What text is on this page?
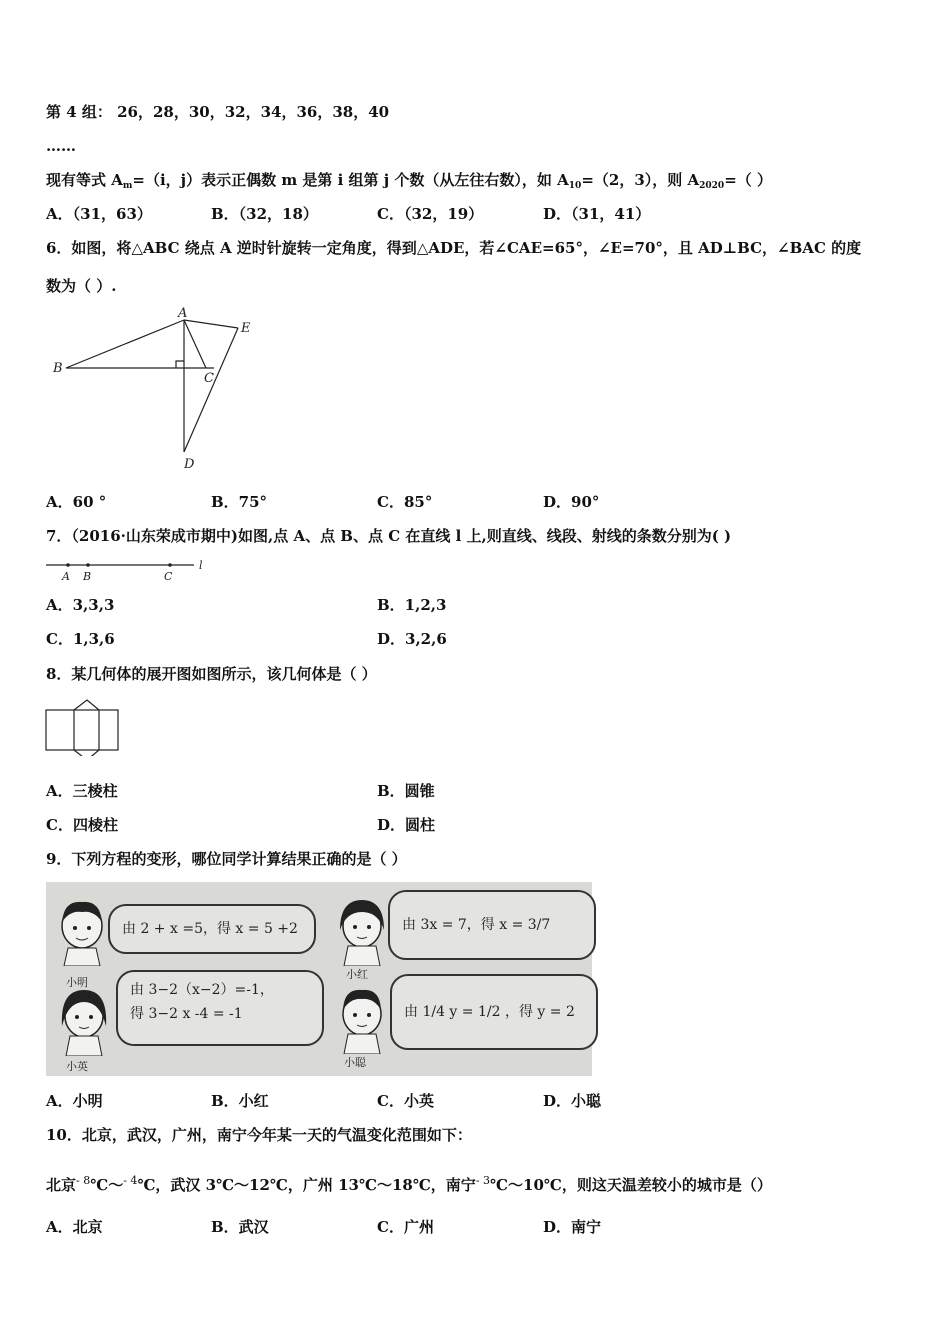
第 4 组： 26，28，30，32，34，36，38，40
……
现有等式 $A_m=(i$，j）表示正偶数 m 是第 i 组第 j 个数（从左往右数），如 $A_{10}=(2$，3），则 $A_{2020}=$（ ）
A．（31，63）	B．（32，18）	C．（32，19）	D．（31，41）
6．如图，将△ABC 绕点 A 逆时针旋转一定角度，得到△ADE，若∠CAE=65°，∠E=70°，且 AD⊥BC，∠BAC 的度
数为（ ）.
A
B
C
D
E
A．60 °	B．75°	C．85°	D．90°
7．（2016·山东荣成市期中)如图,点 A、点 B、点 C 在直线 l 上,则直线、线段、射线的条数分别为( )
A B	C
l
A．3,3,3	B．1,2,3
C．1,3,6	D．3,2,6
8．某几何体的展开图如图所示，该几何体是（ ）
A．三棱柱	B．圆锥
C．四棱柱	D．圆柱
9．下列方程的变形，哪位同学计算结果正确的是（ ）
小明
小红
小英	小聪
由 2 + x =5，得 x = 5 +2	由 3x = 7，得 x = 3/7
由 3−2（x−2）=-1，
得 3−2 x -4 = -1	由 1/4 y = 1/2 ，得 y = 2
A．小明	B．小红	C．小英	D．小聪
10．北京，武汉，广州，南宁今年某一天的气温变化范围如下：
北京$^{- 8}$℃～$^{- 4}$℃，武汉 3℃～12℃，广州 13℃～18℃，南宁$^{- 3}$℃～10℃，则这天温差较小的城市是（）
A．北京	B．武汉	C．广州	D．南宁
